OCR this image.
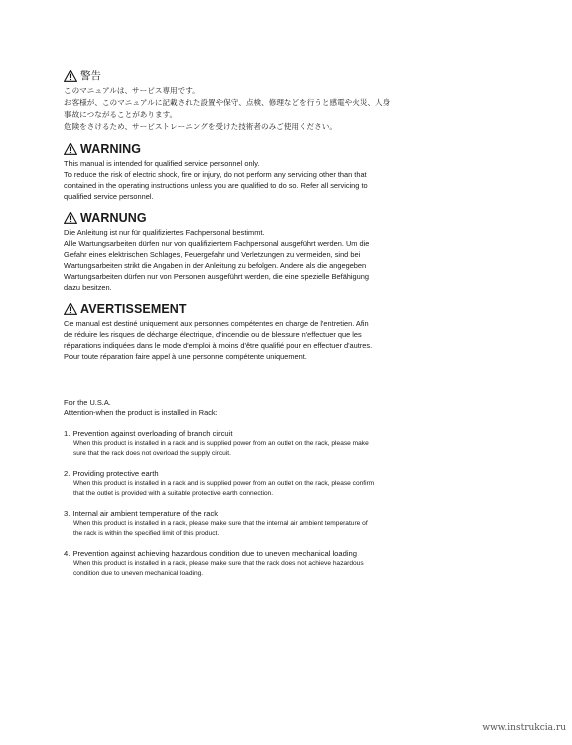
警告
このマニュアルは、サービス専用です。
お客様が、このマニュアルに記載された設置や保守、点検、修理などを行うと感電や火災、人身
事故につながることがあります。
危険をさけるため、サービストレーニングを受けた技術者のみご使用ください。
WARNING
This manual is intended for qualified service personnel only.
To reduce the risk of electric shock, fire or injury, do not perform any servicing other than that
contained in the operating instructions unless you are qualified to do so. Refer all servicing to
qualified service personnel.
WARNUNG
Die Anleitung ist nur für qualifiziertes Fachpersonal bestimmt.
Alle Wartungsarbeiten dürfen nur von qualifiziertem Fachpersonal ausgeführt werden. Um die
Gefahr eines elektrischen Schlages, Feuergefahr und Verletzungen zu vermeiden, sind bei
Wartungsarbeiten strikt die Angaben in der Anleitung zu befolgen. Andere als die angegeben
Wartungsarbeiten dürfen nur von Personen ausgeführt werden, die eine spezielle Befähigung
dazu besitzen.
AVERTISSEMENT
Ce manual est destiné uniquement aux personnes compétentes en charge de l'entretien. Afin
de réduire les risques de décharge électrique, d'incendie ou de blessure n'effectuer que les
réparations indiquées dans le mode d'emploi à moins d'être qualifié pour en effectuer d'autres.
Pour toute réparation faire appel à une personne compétente uniquement.
For the U.S.A.
Attention-when the product is installed in Rack:
1. Prevention against overloading of branch circuit
When this product is installed in a rack and is supplied power from an outlet on the rack, please make
sure that the rack does not overload the supply circuit.
2. Providing protective earth
When this product is installed in a rack and is supplied power from an outlet on the rack, please confirm
that the outlet is provided with a suitable protective earth connection.
3. Internal air ambient temperature of the rack
When this product is installed in a rack, please make sure that the internal air ambient temperature of
the rack is within the specified limit of this product.
4. Prevention against achieving hazardous condition due to uneven mechanical loading
When this product is installed in a rack, please make sure that the rack does not achieve hazardous
condition due to uneven mechanical loading.
www.instrukcia.ru
